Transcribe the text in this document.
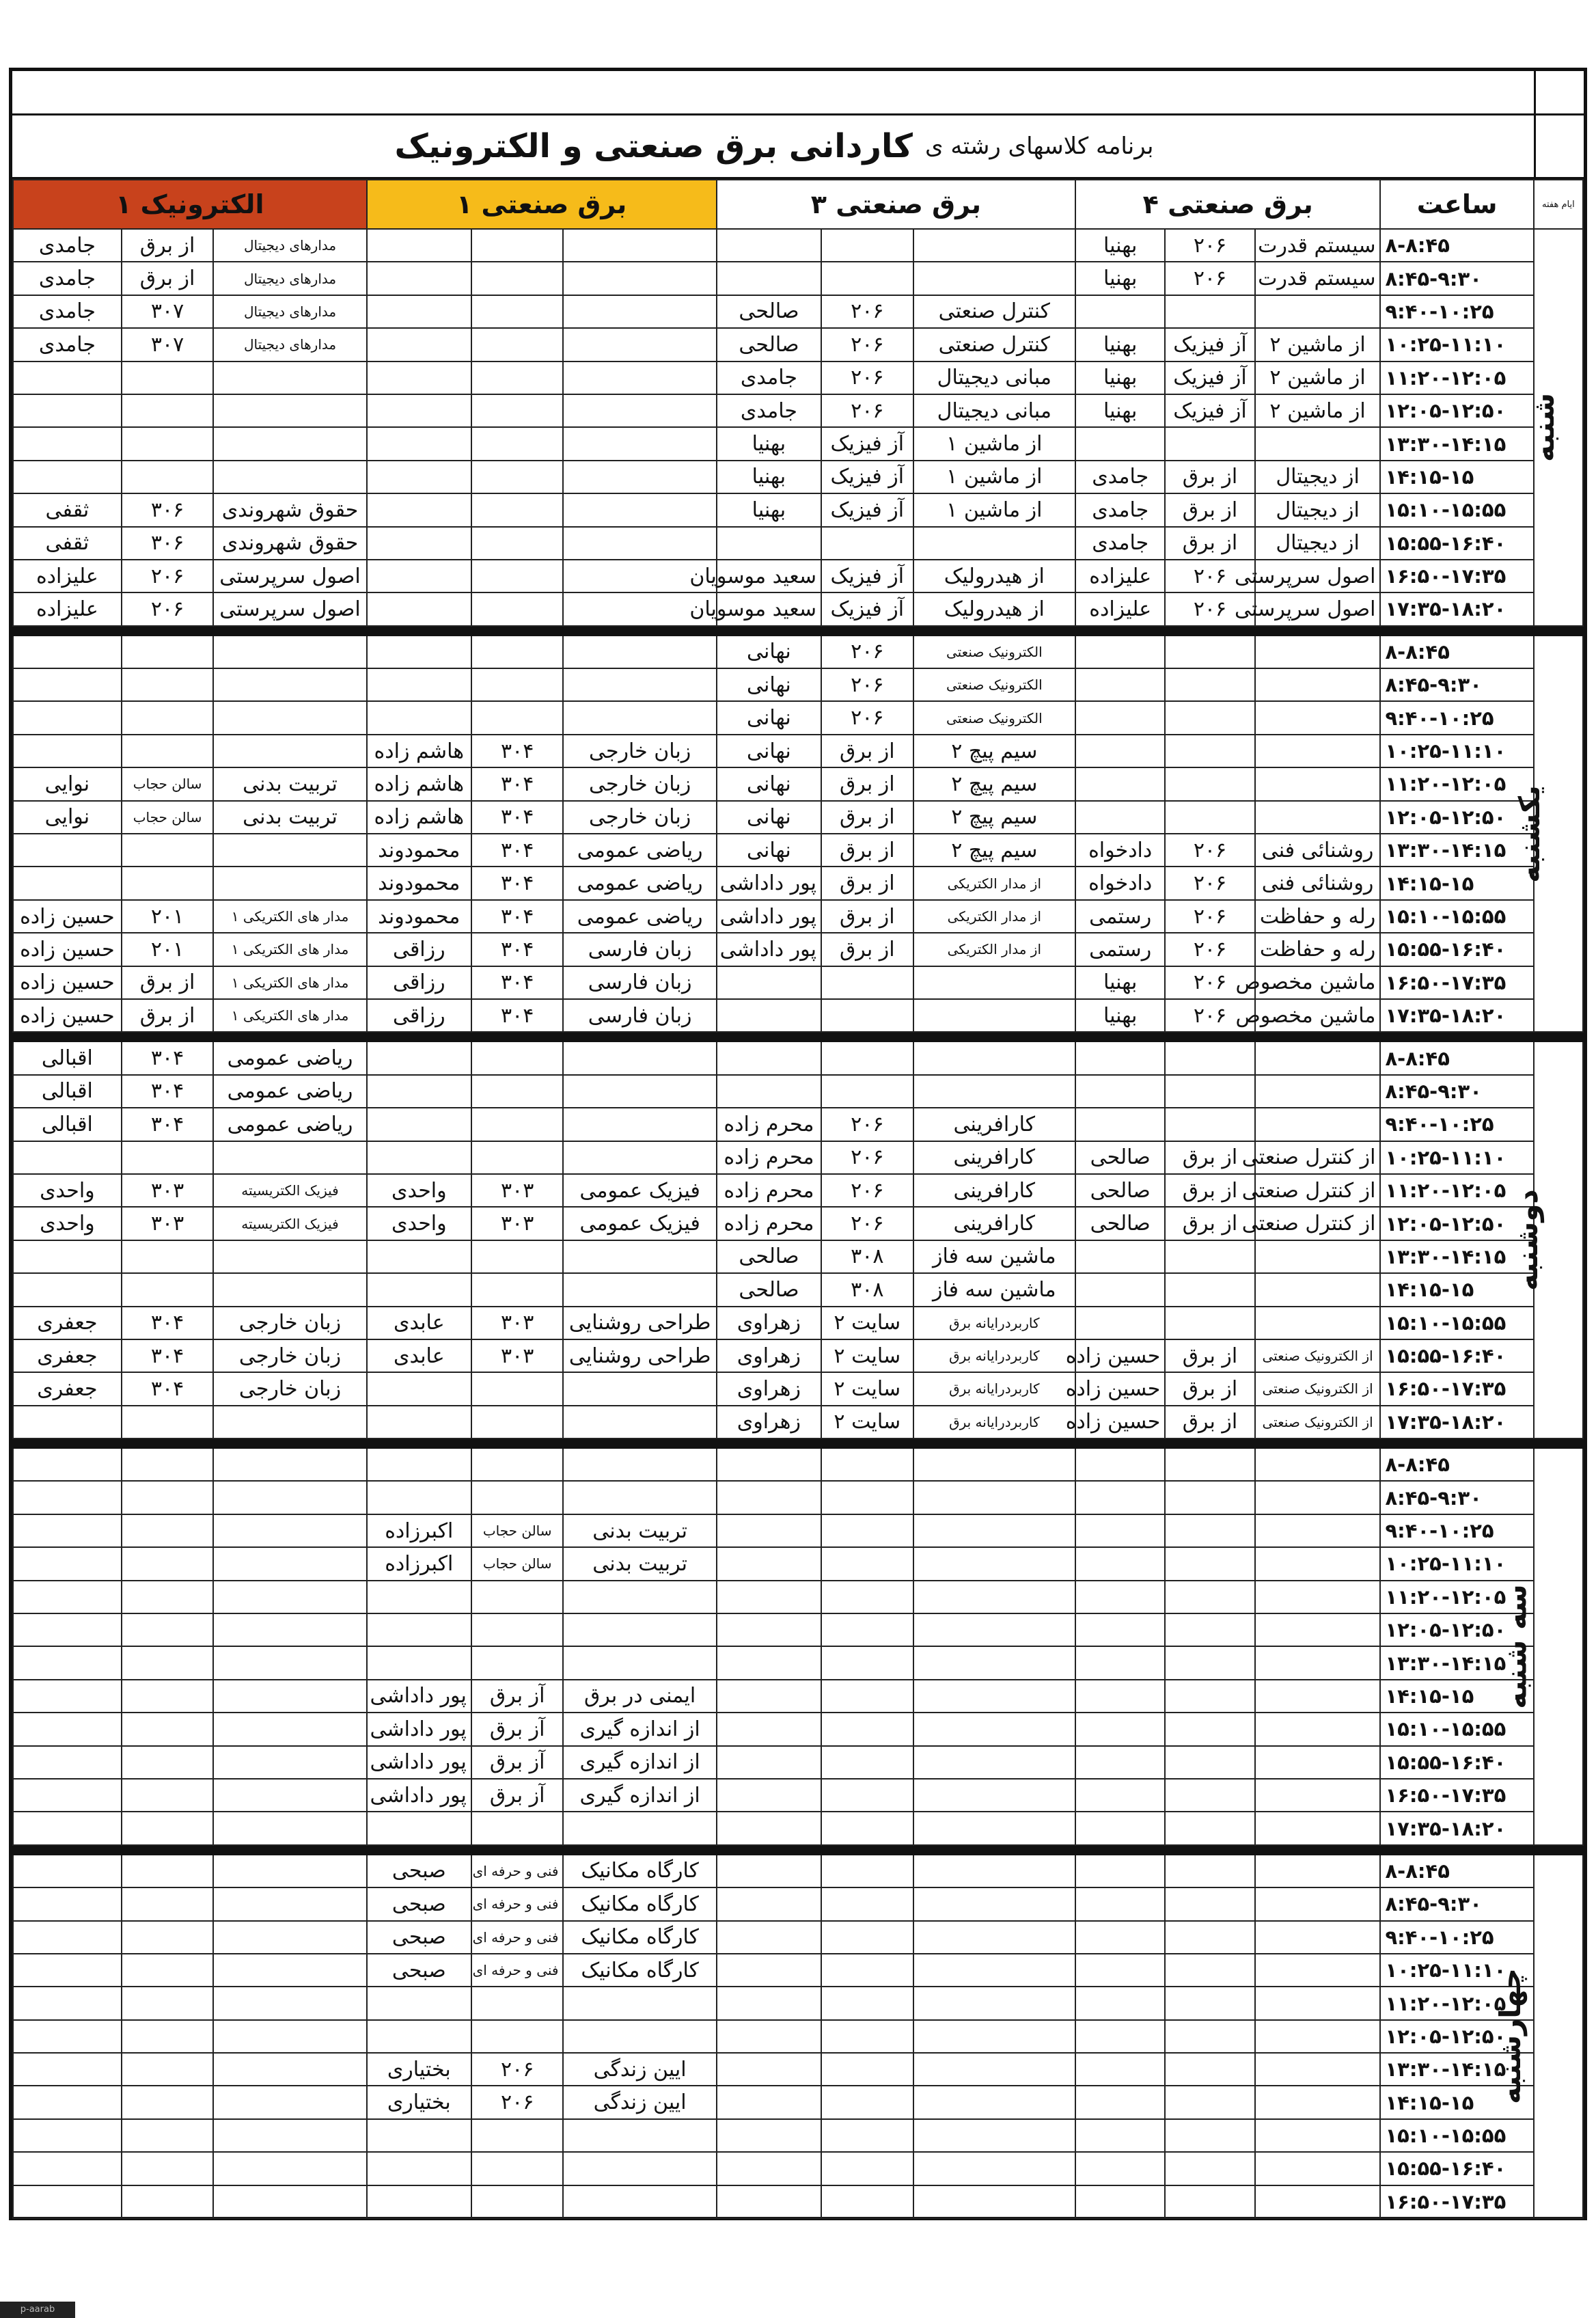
برنامه کلاسهای رشته ی
کاردانی برق صنعتی و الکترونیک
ایام هفته	ساعت	برق صنعتی ۴			برق صنعتی ۳			برق صنعتی ۱			الکترونیک ۱		
شنبه	۸-۸:۴۵	سیستم قدرت	۲۰۶	بهنیا							مدارهای دیجیتال	از برق	جامدی
	۸:۴۵-۹:۳۰	سیستم قدرت	۲۰۶	بهنیا							مدارهای دیجیتال	از برق	جامدی
	۹:۴۰-۱۰:۲۵				کنترل صنعتی	۲۰۶	صالحی				مدارهای دیجیتال	۳۰۷	جامدی
	۱۰:۲۵-۱۱:۱۰	از ماشین ۲	آز فیزیک	بهنیا	کنترل صنعتی	۲۰۶	صالحی				مدارهای دیجیتال	۳۰۷	جامدی
	۱۱:۲۰-۱۲:۰۵	از ماشین ۲	آز فیزیک	بهنیا	مبانی دیجیتال	۲۰۶	جامدی						
	۱۲:۰۵-۱۲:۵۰	از ماشین ۲	آز فیزیک	بهنیا	مبانی دیجیتال	۲۰۶	جامدی						
	۱۳:۳۰-۱۴:۱۵				از ماشین ۱	آز فیزیک	بهنیا						
	۱۴:۱۵-۱۵	از دیجیتال	از برق	جامدی	از ماشین ۱	آز فیزیک	بهنیا						
	۱۵:۱۰-۱۵:۵۵	از دیجیتال	از برق	جامدی	از ماشین ۱	آز فیزیک	بهنیا				حقوق شهروندی	۳۰۶	ثقفی
	۱۵:۵۵-۱۶:۴۰	از دیجیتال	از برق	جامدی							حقوق شهروندی	۳۰۶	ثقفی
	۱۶:۵۰-۱۷:۳۵	اصول سرپرستی	۲۰۶	علیزاده	از هیدرولیک	آز فیزیک	سعید موسویان				اصول سرپرستی	۲۰۶	علیزاده
	۱۷:۳۵-۱۸:۲۰	اصول سرپرستی	۲۰۶	علیزاده	از هیدرولیک	آز فیزیک	سعید موسویان				اصول سرپرستی	۲۰۶	علیزاده

یکشنبه	۸-۸:۴۵				الکترونیک صنعتی	۲۰۶	نهانی						
	۸:۴۵-۹:۳۰				الکترونیک صنعتی	۲۰۶	نهانی						
	۹:۴۰-۱۰:۲۵				الکترونیک صنعتی	۲۰۶	نهانی						
	۱۰:۲۵-۱۱:۱۰				سیم پیچ ۲	از برق	نهانی	زبان خارجی	۳۰۴	هاشم زاده			
	۱۱:۲۰-۱۲:۰۵				سیم پیچ ۲	از برق	نهانی	زبان خارجی	۳۰۴	هاشم زاده	تربیت بدنی	سالن حجاب	نوایی
	۱۲:۰۵-۱۲:۵۰				سیم پیچ ۲	از برق	نهانی	زبان خارجی	۳۰۴	هاشم زاده	تربیت بدنی	سالن حجاب	نوایی
	۱۳:۳۰-۱۴:۱۵	روشنائی فنی	۲۰۶	دادخواه	سیم پیچ ۲	از برق	نهانی	ریاضی عمومی	۳۰۴	محمودوند			
	۱۴:۱۵-۱۵	روشنائی فنی	۲۰۶	دادخواه	از مدار الکتریکی	از برق	پور داداشی	ریاضی عمومی	۳۰۴	محمودوند			
	۱۵:۱۰-۱۵:۵۵	رله و حفاظت	۲۰۶	رستمی	از مدار الکتریکی	از برق	پور داداشی	ریاضی عمومی	۳۰۴	محمودوند	مدار های الکتریکی ۱	۲۰۱	حسین زاده
	۱۵:۵۵-۱۶:۴۰	رله و حفاظت	۲۰۶	رستمی	از مدار الکتریکی	از برق	پور داداشی	زبان فارسی	۳۰۴	رزاقی	مدار های الکتریکی ۱	۲۰۱	حسین زاده
	۱۶:۵۰-۱۷:۳۵	ماشین مخصوص	۲۰۶	بهنیا				زبان فارسی	۳۰۴	رزاقی	مدار های الکتریکی ۱	از برق	حسین زاده
	۱۷:۳۵-۱۸:۲۰	ماشین مخصوص	۲۰۶	بهنیا				زبان فارسی	۳۰۴	رزاقی	مدار های الکتریکی ۱	از برق	حسین زاده

دوشنبه	۸-۸:۴۵										ریاضی عمومی	۳۰۴	اقبالی
	۸:۴۵-۹:۳۰										ریاضی عمومی	۳۰۴	اقبالی
	۹:۴۰-۱۰:۲۵				کارافرینی	۲۰۶	محرم زاده				ریاضی عمومی	۳۰۴	اقبالی
	۱۰:۲۵-۱۱:۱۰	از کنترل صنعتی	از برق	صالحی	کارافرینی	۲۰۶	محرم زاده						
	۱۱:۲۰-۱۲:۰۵	از کنترل صنعتی	از برق	صالحی	کارافرینی	۲۰۶	محرم زاده	فیزیک عمومی	۳۰۳	واحدی	فیزیک الکتریسیته	۳۰۳	واحدی
	۱۲:۰۵-۱۲:۵۰	از کنترل صنعتی	از برق	صالحی	کارافرینی	۲۰۶	محرم زاده	فیزیک عمومی	۳۰۳	واحدی	فیزیک الکتریسیته	۳۰۳	واحدی
	۱۳:۳۰-۱۴:۱۵				ماشین سه فاز	۳۰۸	صالحی						
	۱۴:۱۵-۱۵				ماشین سه فاز	۳۰۸	صالحی						
	۱۵:۱۰-۱۵:۵۵				کاربردرایانه برق	سایت ۲	زهراوی	طراحی روشنایی	۳۰۳	عابدی	زبان خارجی	۳۰۴	جعفری
	۱۵:۵۵-۱۶:۴۰	از الکترونیک صنعتی	از برق	حسین زاده	کاربردرایانه برق	سایت ۲	زهراوی	طراحی روشنایی	۳۰۳	عابدی	زبان خارجی	۳۰۴	جعفری
	۱۶:۵۰-۱۷:۳۵	از الکترونیک صنعتی	از برق	حسین زاده	کاربردرایانه برق	سایت ۲	زهراوی				زبان خارجی	۳۰۴	جعفری
	۱۷:۳۵-۱۸:۲۰	از الکترونیک صنعتی	از برق	حسین زاده	کاربردرایانه برق	سایت ۲	زهراوی						

سه شنبه	۸-۸:۴۵												
	۸:۴۵-۹:۳۰												
	۹:۴۰-۱۰:۲۵							تربیت بدنی	سالن حجاب	اکبرزاده			
	۱۰:۲۵-۱۱:۱۰							تربیت بدنی	سالن حجاب	اکبرزاده			
	۱۱:۲۰-۱۲:۰۵												
	۱۲:۰۵-۱۲:۵۰												
	۱۳:۳۰-۱۴:۱۵												
	۱۴:۱۵-۱۵							ایمنی در برق	آز برق	پور داداشی			
	۱۵:۱۰-۱۵:۵۵							از اندازه گیری	آز برق	پور داداشی			
	۱۵:۵۵-۱۶:۴۰							از اندازه گیری	آز برق	پور داداشی			
	۱۶:۵۰-۱۷:۳۵							از اندازه گیری	آز برق	پور داداشی			
	۱۷:۳۵-۱۸:۲۰												

چهارشنبه	۸-۸:۴۵							کارگاه مکانیک	فنی و حرفه ای	صبحی			
	۸:۴۵-۹:۳۰							کارگاه مکانیک	فنی و حرفه ای	صبحی			
	۹:۴۰-۱۰:۲۵							کارگاه مکانیک	فنی و حرفه ای	صبحی			
	۱۰:۲۵-۱۱:۱۰							کارگاه مکانیک	فنی و حرفه ای	صبحی			
	۱۱:۲۰-۱۲:۰۵												
	۱۲:۰۵-۱۲:۵۰												
	۱۳:۳۰-۱۴:۱۵							ایین زندگی	۲۰۶	بختیاری			
	۱۴:۱۵-۱۵							ایین زندگی	۲۰۶	بختیاری			
	۱۵:۱۰-۱۵:۵۵												
	۱۵:۵۵-۱۶:۴۰												
	۱۶:۵۰-۱۷:۳۵												
p-aarab
